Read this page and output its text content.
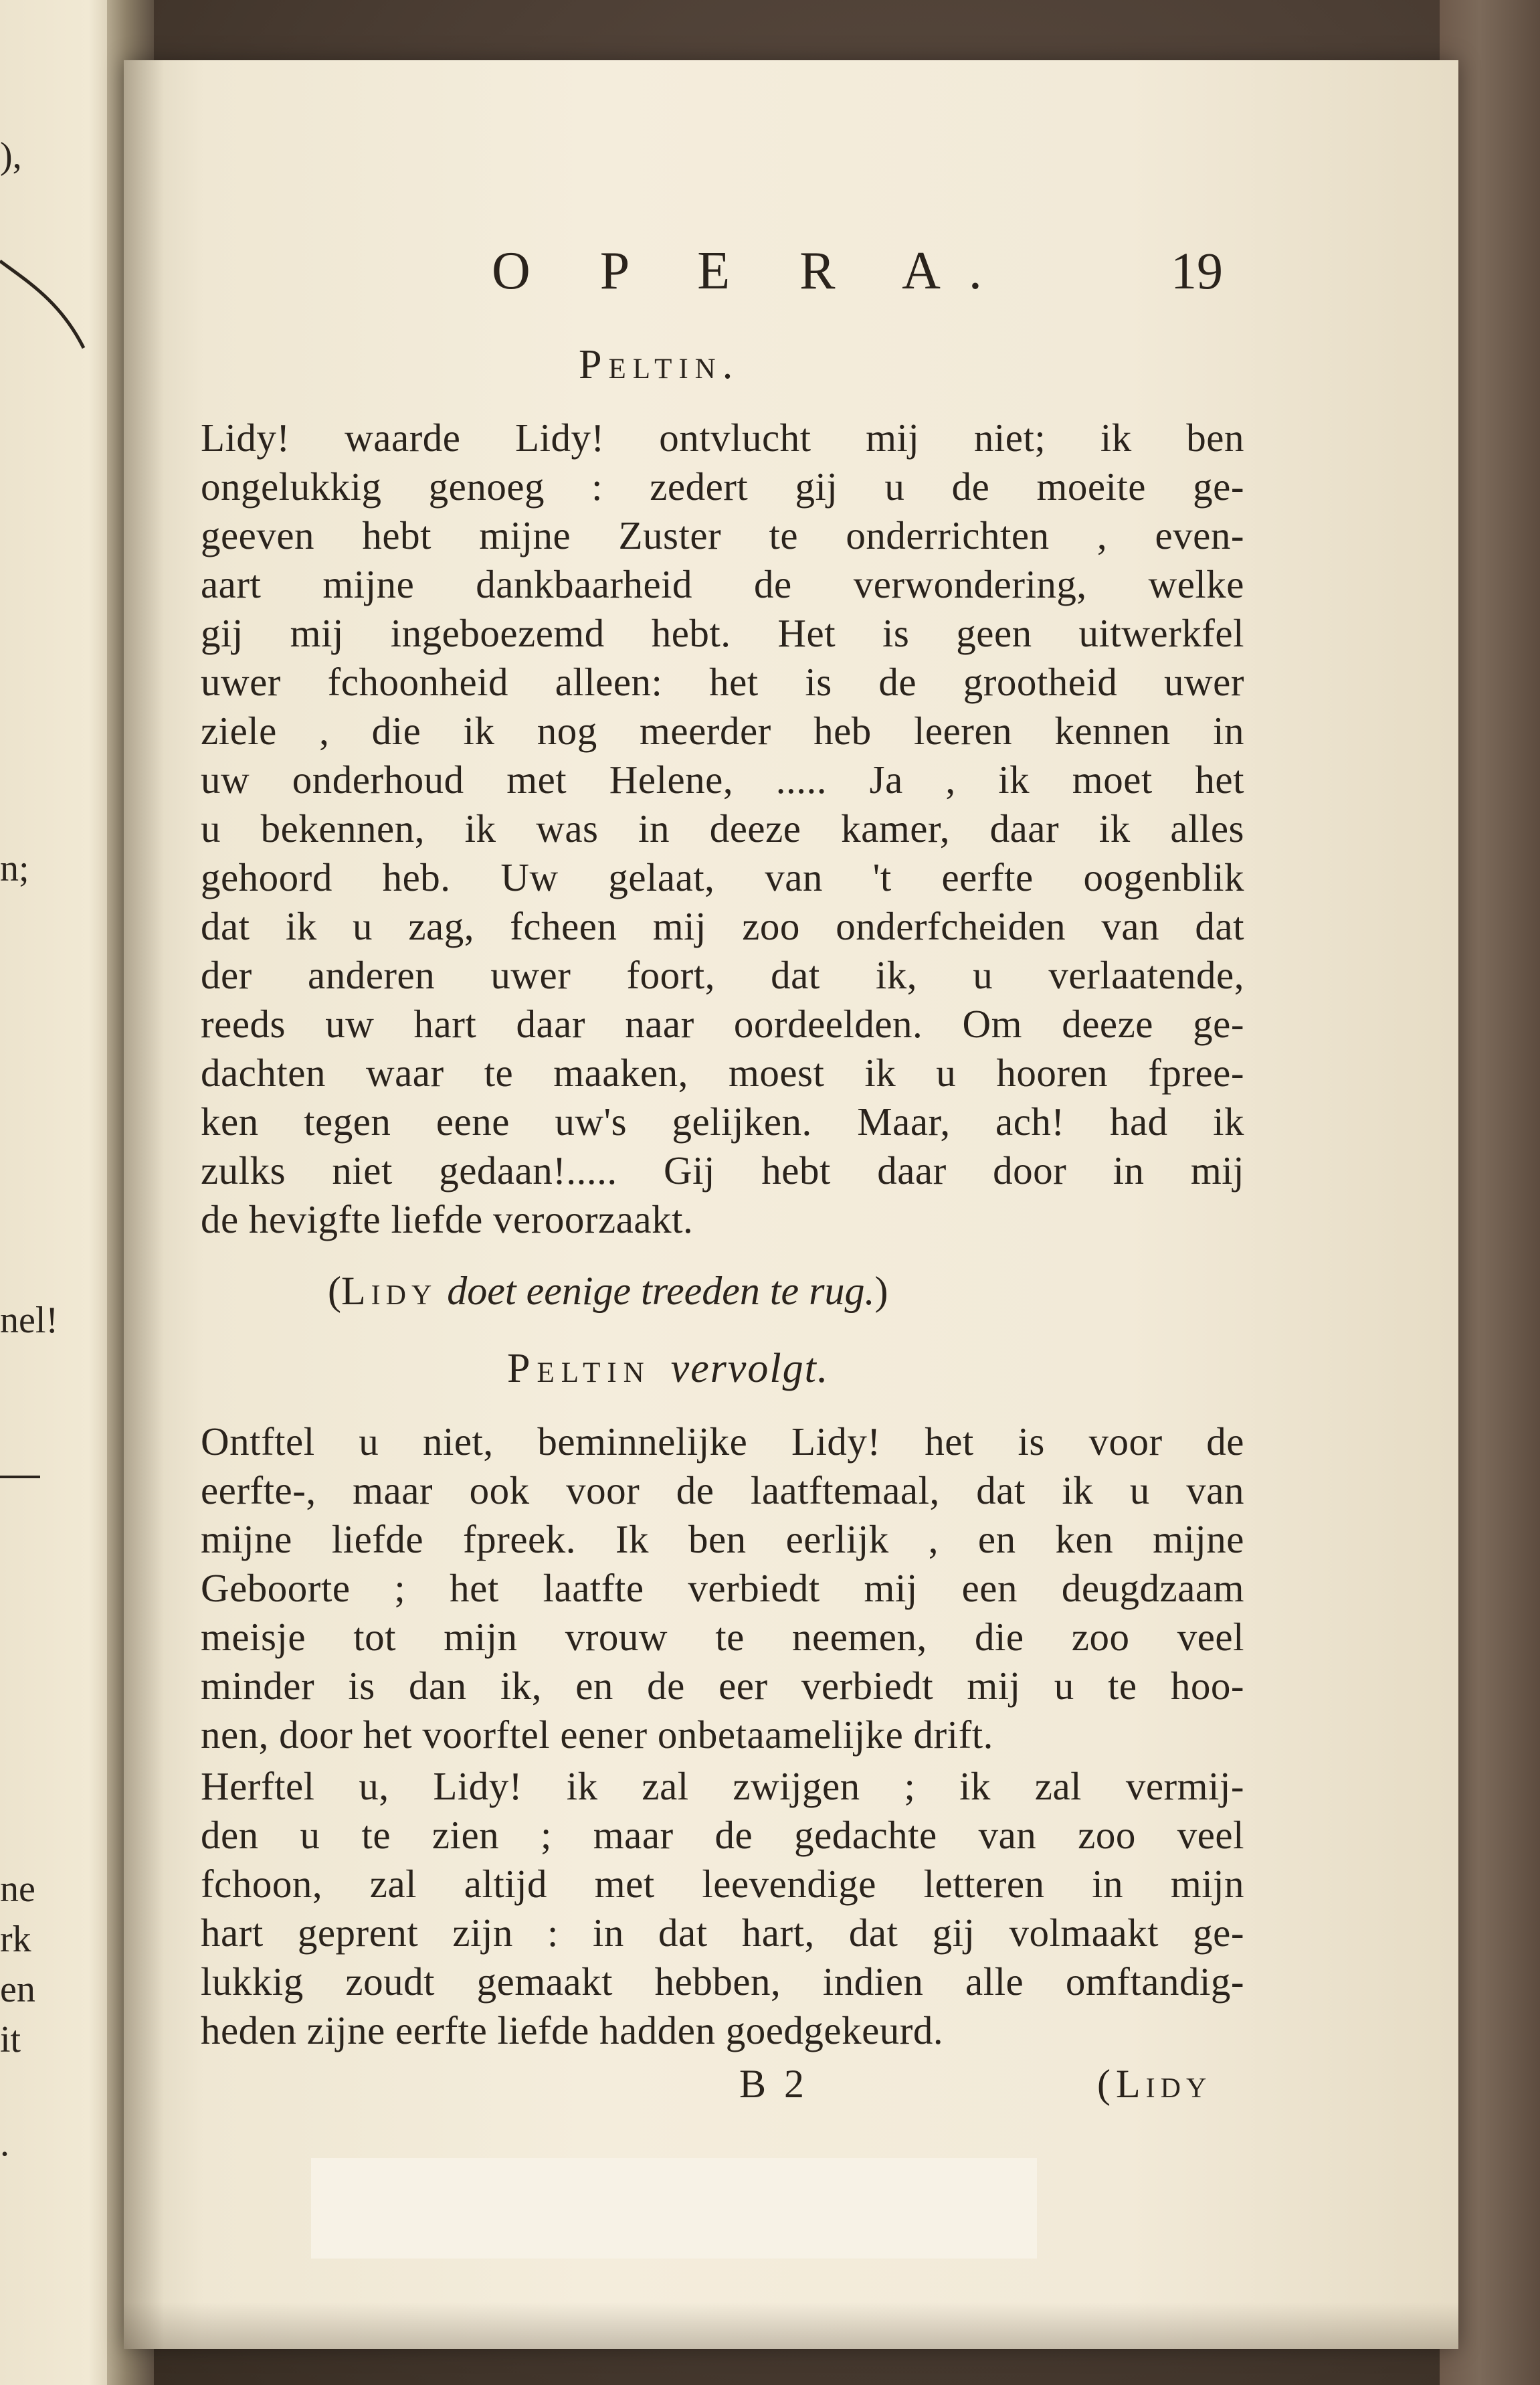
),
n;
nel!
ne
rk
en
it
.
O P E R A.	19
Peltin.
Lidy! waarde Lidy! ontvlucht mij niet; ik ben
ongelukkig genoeg : zedert gij u de moeite ge-
geeven hebt mijne Zuster te onderrichten , even-
aart mijne dankbaarheid de verwondering, welke
gij mij ingeboezemd hebt. Het is geen uitwerkfel
uwer fchoonheid alleen: het is de grootheid uwer
ziele , die ik nog meerder heb leeren kennen in
uw onderhoud met Helene, ..... Ja , ik moet het
u bekennen, ik was in deeze kamer, daar ik alles
gehoord heb. Uw gelaat, van 't eerfte oogenblik
dat ik u zag, fcheen mij zoo onderfcheiden van dat
der anderen uwer foort, dat ik, u verlaatende,
reeds uw hart daar naar oordeelden. Om deeze ge-
dachten waar te maaken, moest ik u hooren fpree-
ken tegen eene uw's gelijken. Maar, ach! had ik
zulks niet gedaan!..... Gij hebt daar door in mij
de hevigfte liefde veroorzaakt.
(Lidy doet eenige treeden te rug.)
Peltin vervolgt.
Ontftel u niet, beminnelijke Lidy! het is voor de
eerfte-, maar ook voor de laatftemaal, dat ik u van
mijne liefde fpreek. Ik ben eerlijk , en ken mijne
Geboorte ; het laatfte verbiedt mij een deugdzaam
meisje tot mijn vrouw te neemen, die zoo veel
minder is dan ik, en de eer verbiedt mij u te hoo-
nen, door het voorftel eener onbetaamelijke drift.
Herftel u, Lidy! ik zal zwijgen ; ik zal vermij-
den u te zien ; maar de gedachte van zoo veel
fchoon, zal altijd met leevendige letteren in mijn
hart geprent zijn : in dat hart, dat gij volmaakt ge-
lukkig zoudt gemaakt hebben, indien alle omftandig-
heden zijne eerfte liefde hadden goedgekeurd.
B 2	(Lidy
